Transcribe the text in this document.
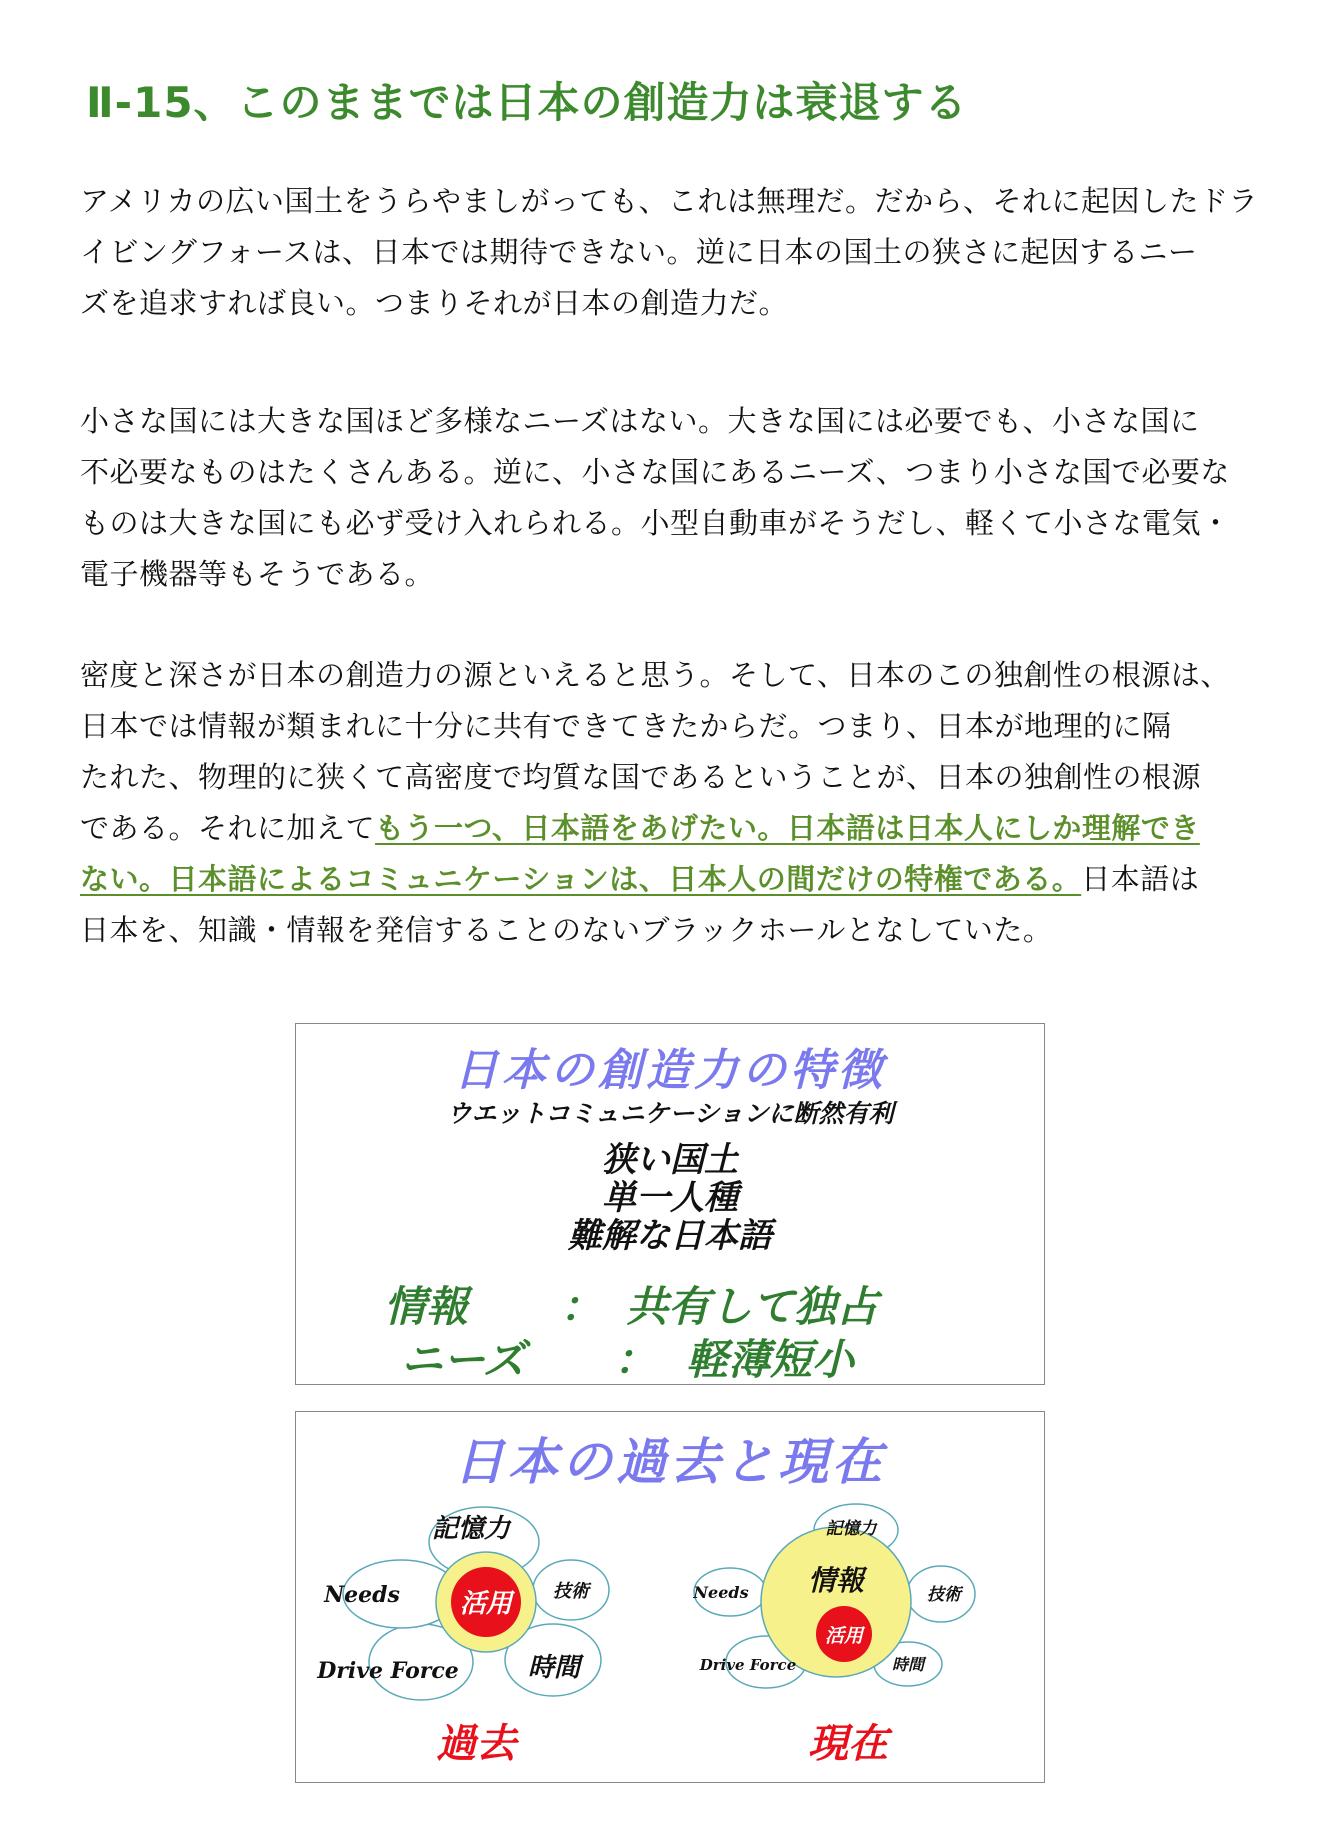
Ⅱ-15、このままでは日本の創造力は衰退する

アメリカの広い国土をうらやましがっても、これは無理だ。だから、それに起因したドラ
イビングフォースは、日本では期待できない。逆に日本の国土の狭さに起因するニー
ズを追求すれば良い。つまりそれが日本の創造力だ。

小さな国には大きな国ほど多様なニーズはない。大きな国には必要でも、小さな国に
不必要なものはたくさんある。逆に、小さな国にあるニーズ、つまり小さな国で必要な
ものは大きな国にも必ず受け入れられる。小型自動車がそうだし、軽くて小さな電気・
電子機器等もそうである。

密度と深さが日本の創造力の源といえると思う。そして、日本のこの独創性の根源は、
日本では情報が類まれに十分に共有できてきたからだ。つまり、日本が地理的に隔
たれた、物理的に狭くて高密度で均質な国であるということが、日本の独創性の根源
である。それに加えてもう一つ、日本語をあげたい。日本語は日本人にしか理解でき
ない。日本語によるコミュニケーションは、日本人の間だけの特権である。日本語は
日本を、知識・情報を発信することのないブラックホールとなしていた。

日本の創造力の特徴
ウエットコミュニケーションに断然有利
狭い国土
単一人種
難解な日本語
情報 ： 共有して独占
ニーズ ： 軽薄短小
日本の過去と現在
活用
記憶力
技術
時間
Drive Force
Needs
過去
情報
活用
記憶力
技術
時間
Drive Force
Needs
現在
